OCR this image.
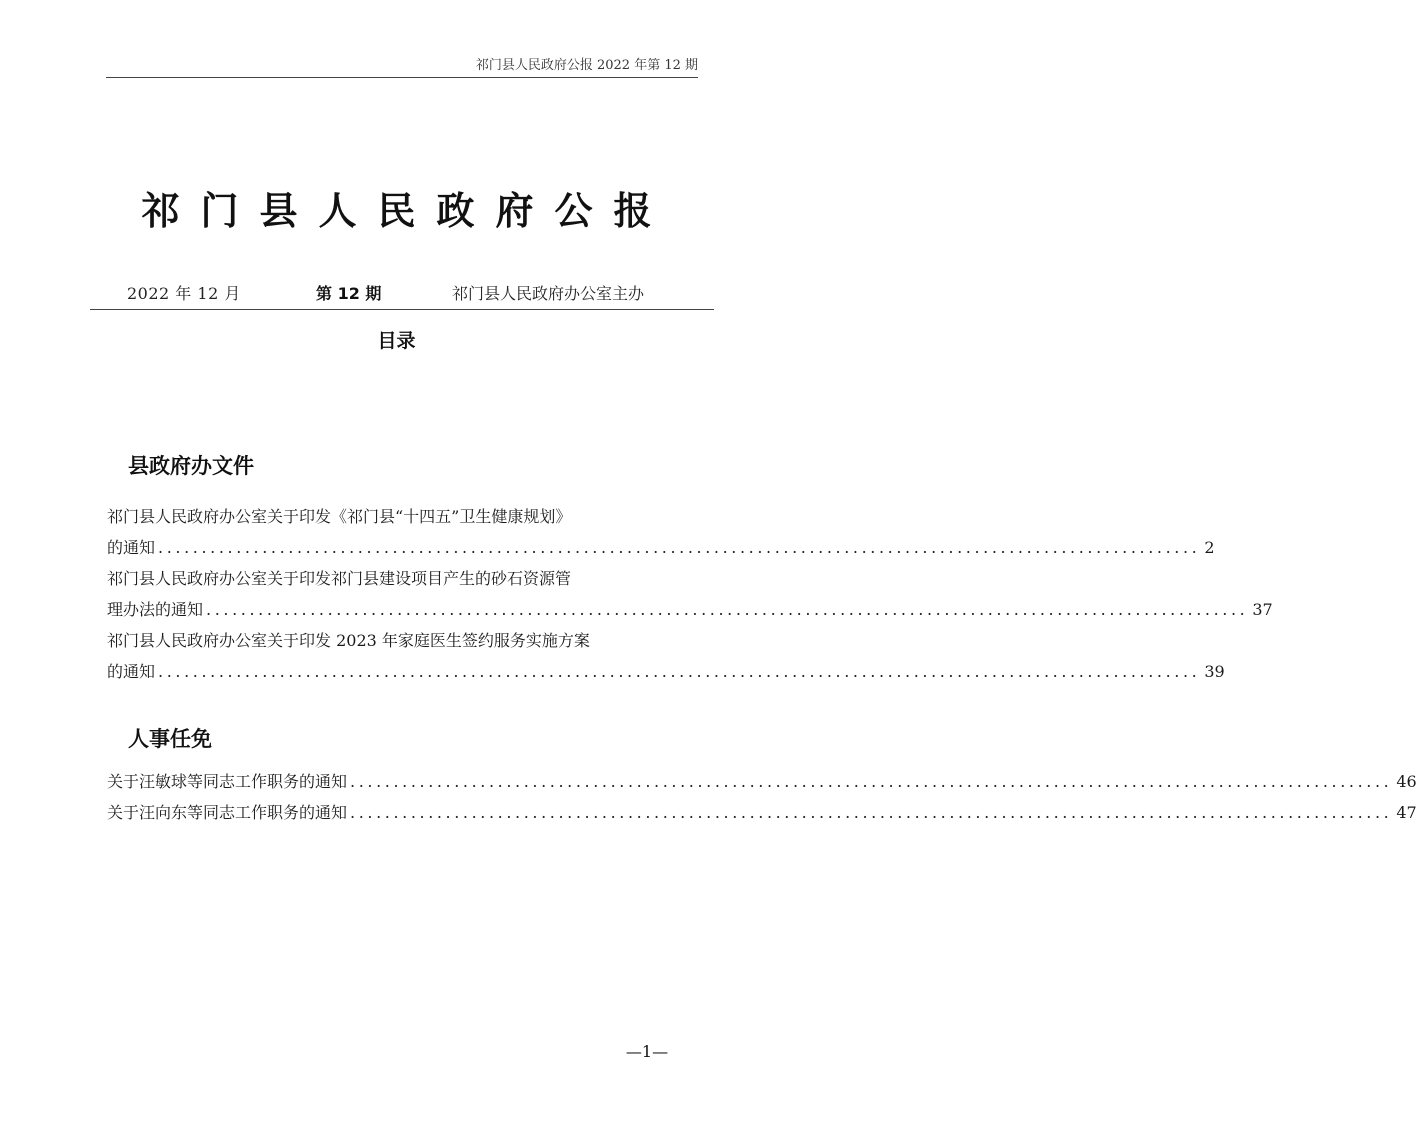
祁门县人民政府公报 2022 年第 12 期
祁门县人民政府公报
2022 年 12 月	第 12 期	祁门县人民政府办公室主办
目录
县政府办文件
祁门县人民政府办公室关于印发《祁门县“十四五”卫生健康规划》
的通知 ........................................................................................................................ 2
祁门县人民政府办公室关于印发祁门县建设项目产生的砂石资源管
理办法的通知 ........................................................................................................................ 37
祁门县人民政府办公室关于印发 2023 年家庭医生签约服务实施方案
的通知 ........................................................................................................................ 39
人事任免
关于汪敏球等同志工作职务的通知 ........................................................................................................................ 46
关于汪向东等同志工作职务的通知 ........................................................................................................................ 47
—1—
